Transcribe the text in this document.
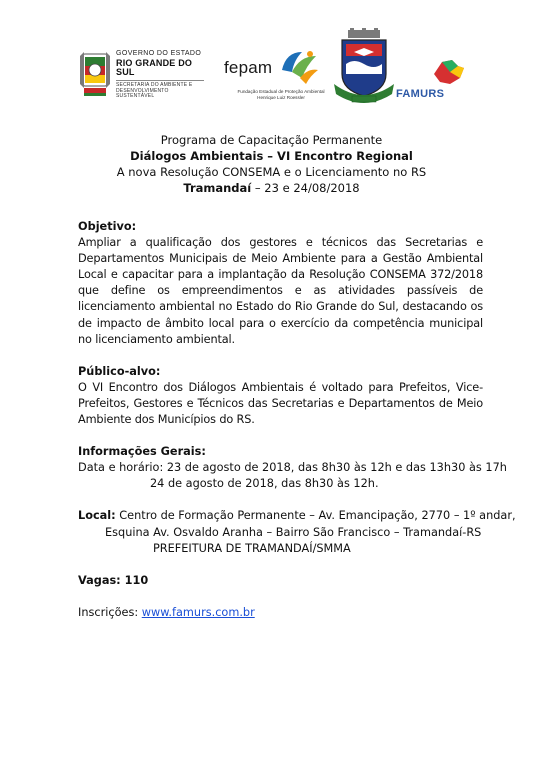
GOVERNO DO ESTADO
RIO GRANDE DO SUL
SECRETARIA DO AMBIENTE E
DESENVOLVIMENTO SUSTENTÁVEL
fepam
Fundação Estadual de Proteção Ambiental
Henrique Luiz Roessler	FAMURS
Programa de Capacitação Permanente
Diálogos Ambientais – VI Encontro Regional
A nova Resolução CONSEMA e o Licenciamento no RS
Tramandaí – 23 e 24/08/2018
Objetivo:
Ampliar a qualificação dos gestores e técnicos das Secretarias e Departamentos Municipais de Meio Ambiente para a Gestão Ambiental Local e capacitar para a implantação da Resolução CONSEMA 372/2018 que define os empreendimentos e as atividades passíveis de licenciamento ambiental no Estado do Rio Grande do Sul, destacando os de impacto de âmbito local para o exercício da competência municipal no licenciamento ambiental.
Público-alvo:
O VI Encontro dos Diálogos Ambientais é voltado para Prefeitos, Vice-Prefeitos, Gestores e Técnicos das Secretarias e Departamentos de Meio Ambiente dos Municípios do RS.
Informações Gerais:
Data e horário: 23 de agosto de 2018, das 8h30 às 12h e das 13h30 às 17h
24 de agosto de 2018, das 8h30 às 12h.
Local: Centro de Formação Permanente – Av. Emancipação, 2770 – 1º andar,
Esquina Av. Osvaldo Aranha – Bairro São Francisco – Tramandaí-RS
PREFEITURA DE TRAMANDAÍ/SMMA
Vagas: 110
Inscrições: www.famurs.com.br
